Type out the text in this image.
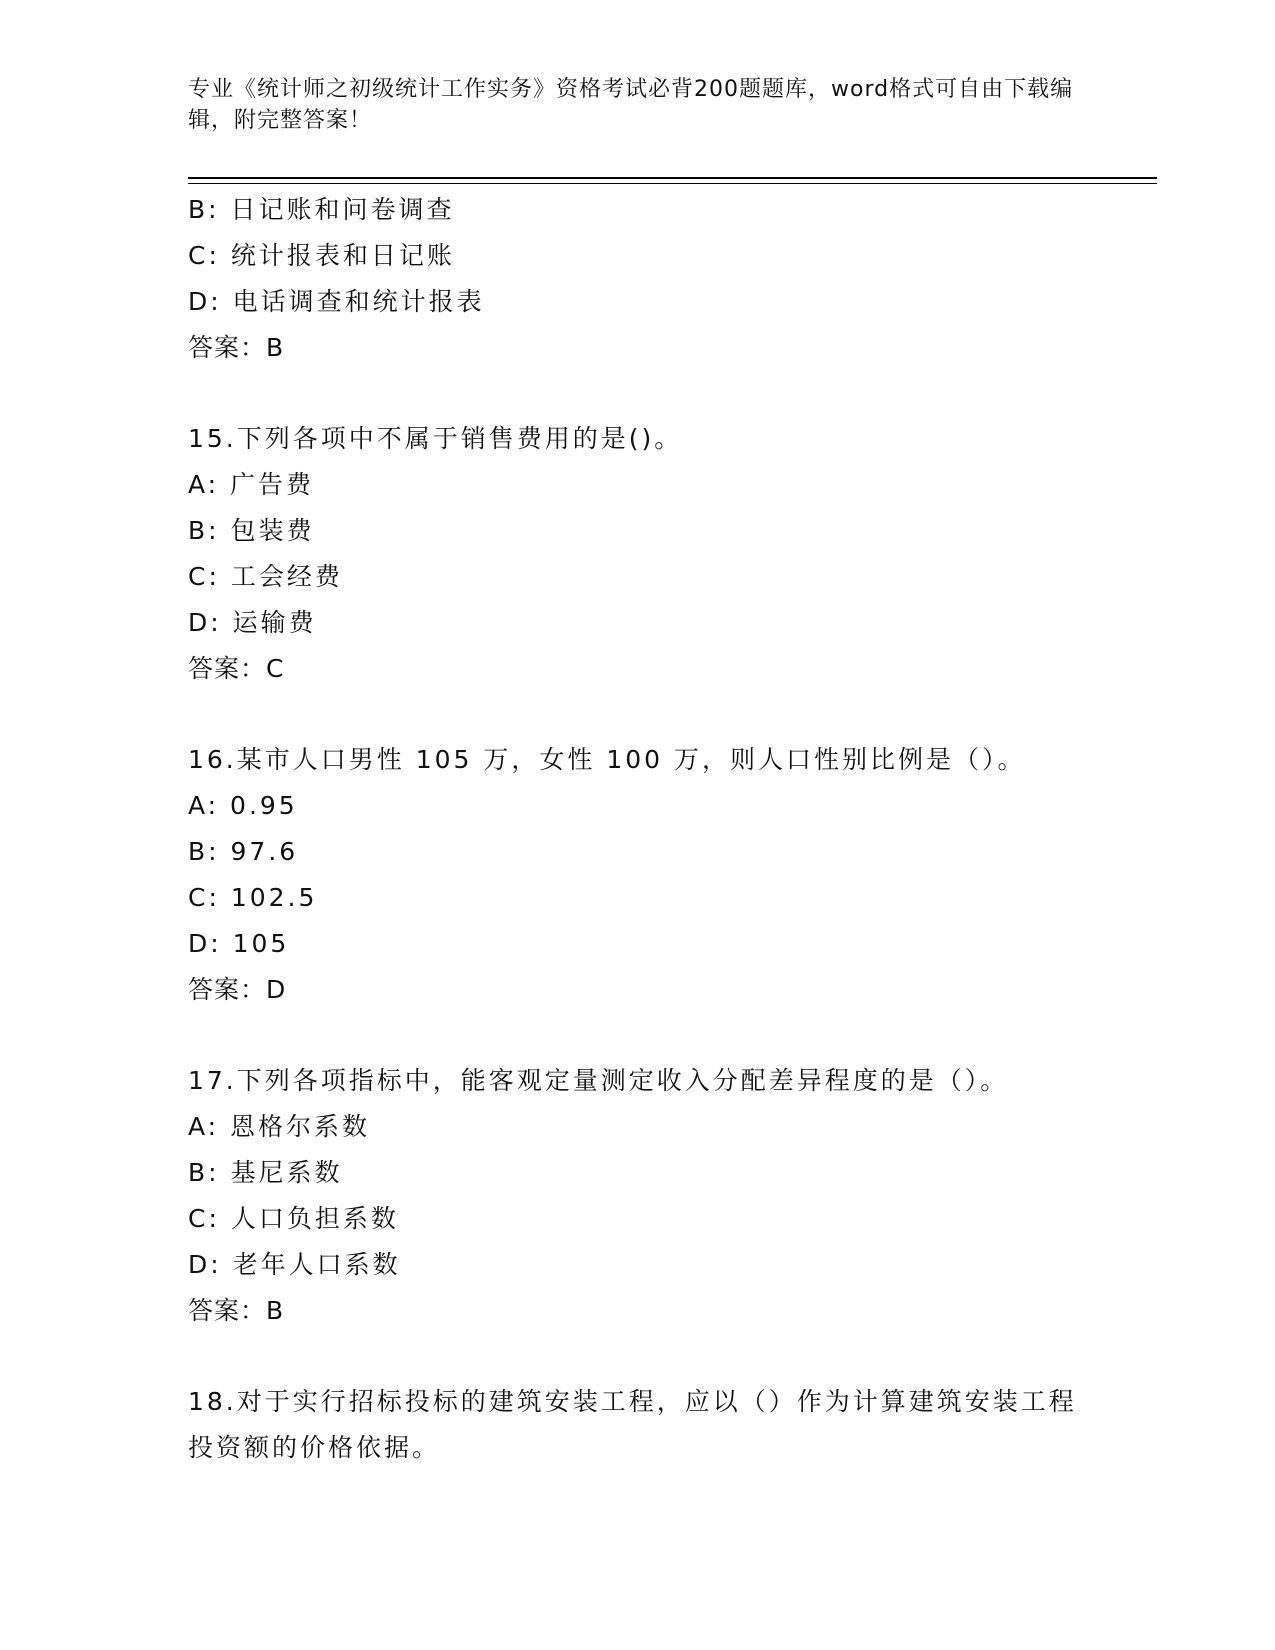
专业《统计师之初级统计工作实务》资格考试必背200题题库，word格式可自由下载编辑，附完整答案！
B: 日记账和问卷调查
C: 统计报表和日记账
D: 电话调查和统计报表
答案：B
15.下列各项中不属于销售费用的是()。
A: 广告费
B: 包装费
C: 工会经费
D: 运输费
答案：C
16.某市人口男性 105 万，女性 100 万，则人口性别比例是（）。
A: 0.95
B: 97.6
C: 102.5
D: 105
答案：D
17.下列各项指标中，能客观定量测定收入分配差异程度的是（）。
A: 恩格尔系数
B: 基尼系数
C: 人口负担系数
D: 老年人口系数
答案：B
18.对于实行招标投标的建筑安装工程，应以（）作为计算建筑安装工程投资额的价格依据。
